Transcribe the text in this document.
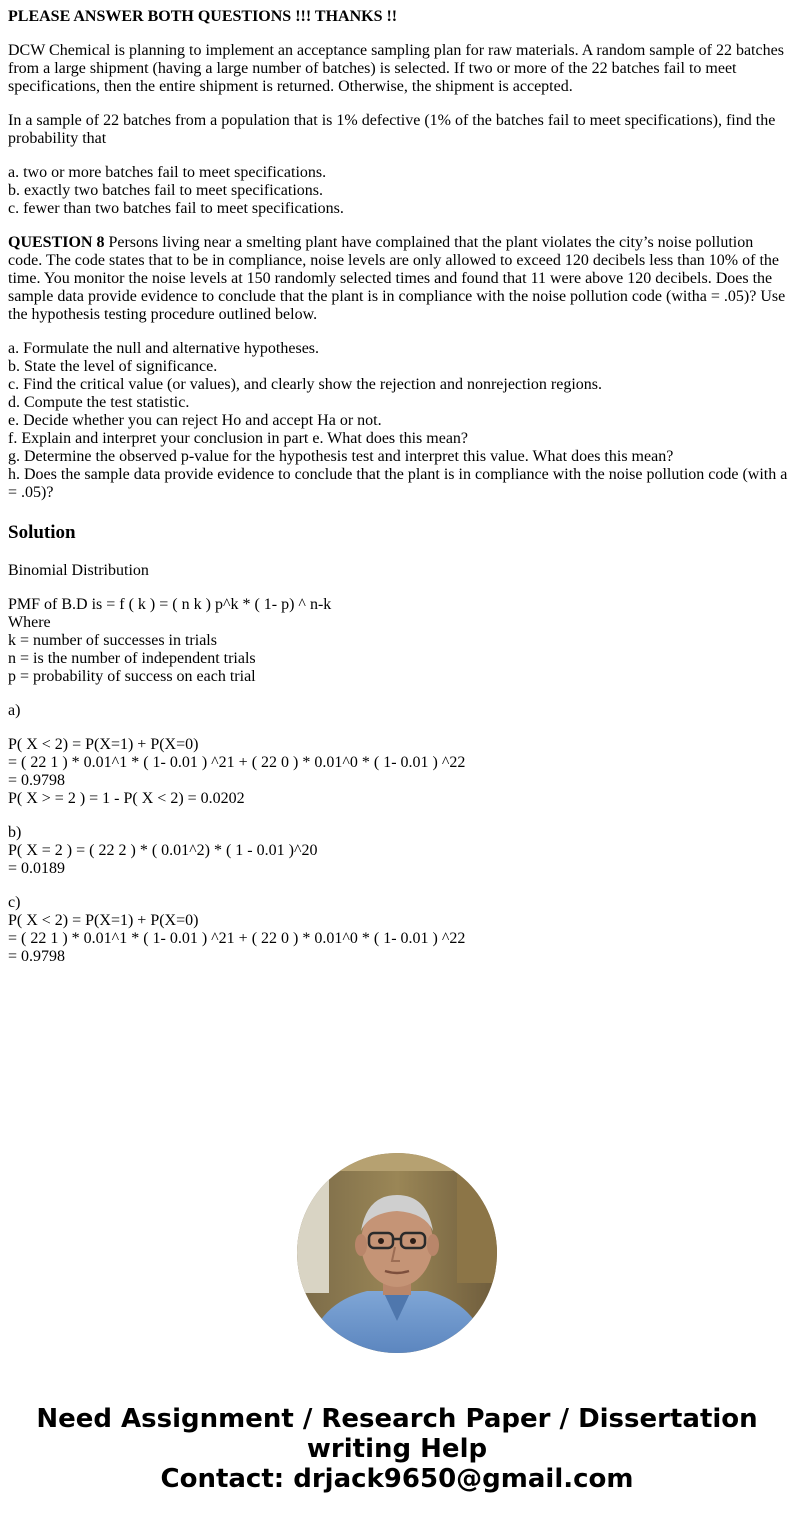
PLEASE ANSWER BOTH QUESTIONS !!! THANKS !!

DCW Chemical is planning to implement an acceptance sampling plan for raw materials. A random sample of 22 batches from a large shipment (having a large number of batches) is selected. If two or more of the 22 batches fail to meet specifications, then the entire shipment is returned. Otherwise, the shipment is accepted.

In a sample of 22 batches from a population that is 1% defective (1% of the batches fail to meet specifications), find the probability that

a. two or more batches fail to meet specifications.
b. exactly two batches fail to meet specifications.
c. fewer than two batches fail to meet specifications.

QUESTION 8 Persons living near a smelting plant have complained that the plant violates the city’s noise pollution code. The code states that to be in compliance, noise levels are only allowed to exceed 120 decibels less than 10% of the time. You monitor the noise levels at 150 randomly selected times and found that 11 were above 120 decibels. Does the sample data provide evidence to conclude that the plant is in compliance with the noise pollution code (witha = .05)? Use the hypothesis testing procedure outlined below.

a. Formulate the null and alternative hypotheses.
b. State the level of significance.
c. Find the critical value (or values), and clearly show the rejection and nonrejection regions.
d. Compute the test statistic.
e. Decide whether you can reject Ho and accept Ha or not.
f. Explain and interpret your conclusion in part e. What does this mean?
g. Determine the observed p-value for the hypothesis test and interpret this value. What does this mean?
h. Does the sample data provide evidence to conclude that the plant is in compliance with the noise pollution code (with a = .05)?

Solution

Binomial Distribution

PMF of B.D is = f ( k ) = ( n k ) p^k * ( 1- p) ^ n-k
Where
k = number of successes in trials
n = is the number of independent trials
p = probability of success on each trial

a)

P( X < 2) = P(X=1) + P(X=0)
= ( 22 1 ) * 0.01^1 * ( 1- 0.01 ) ^21 + ( 22 0 ) * 0.01^0 * ( 1- 0.01 ) ^22
= 0.9798
P( X > = 2 ) = 1 - P( X < 2) = 0.0202

b)
P( X = 2 ) = ( 22 2 ) * ( 0.01^2) * ( 1 - 0.01 )^20
= 0.0189

c)
P( X < 2) = P(X=1) + P(X=0)
= ( 22 1 ) * 0.01^1 * ( 1- 0.01 ) ^21 + ( 22 0 ) * 0.01^0 * ( 1- 0.01 ) ^22
= 0.9798

Need Assignment / Research Paper / Dissertation
writing Help
Contact: drjack9650@gmail.com
